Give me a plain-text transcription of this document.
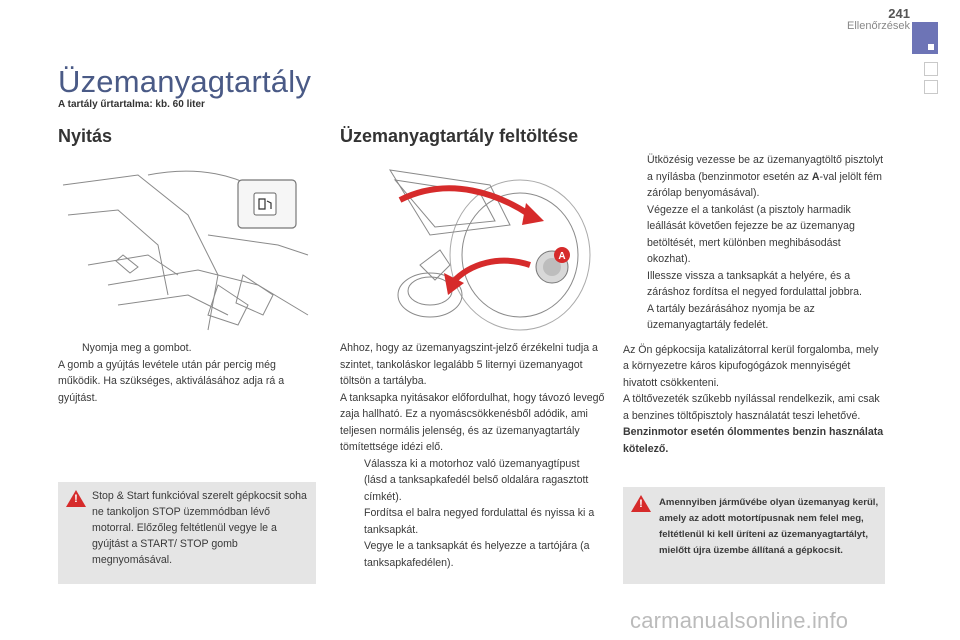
241
Ellenőrzések
Üzemanyagtartály
A tartály űrtartalma: kb. 60 liter
Nyitás
Nyomja meg a gombot.

A gomb a gyújtás levétele után pár percig még működik. Ha szükséges, aktiválásához adja rá a gyújtást.

! Stop & Start funkcióval szerelt gépkocsit soha ne tankoljon STOP üzemmódban lévő motorral. Előzőleg feltétlenül vegye le a gyújtást a START/ STOP gomb megnyomásával.
Üzemanyagtartály feltöltése
A

Ahhoz, hogy az üzemanyagszint-jelző érzékelni tudja a szintet, tankoláskor legalább 5 liternyi üzemanyagot töltsön a tartályba.

A tanksapka nyitásakor előfordulhat, hogy távozó levegő zaja hallható. Ez a nyomáscsökkenésből adódik, ami teljesen normális jelenség, és az üzemanyagtartály tömítettsége idézi elő.

Válassza ki a motorhoz való üzemanyagtípust (lásd a tanksapkafedél belső oldalára ragasztott címkét).
Fordítsa el balra negyed fordulattal és nyissa ki a tanksapkát.
Vegye le a tanksapkát és helyezze a tartójára (a tanksapkafedélen).
Ütközésig vezesse be az üzemanyagtöltő pisztolyt a nyílásba (benzinmotor esetén az A-val jelölt fém zárólap benyomásával).
Végezze el a tankolást (a pisztoly harmadik leállását követően fejezze be az üzemanyag betöltését, mert különben meghibásodást okozhat).
Illessze vissza a tanksapkát a helyére, és a záráshoz fordítsa el negyed fordulattal jobbra.
A tartály bezárásához nyomja be az üzemanyagtartály fedelét.

Az Ön gépkocsija katalizátorral kerül forgalomba, mely a környezetre káros kipufogógázok mennyiségét hivatott csökkenteni.

A töltővezeték szűkebb nyílással rendelkezik, ami csak a benzines töltőpisztoly használatát teszi lehetővé.

Benzinmotor esetén ólommentes benzin használata kötelező.

! Amennyiben járművébe olyan üzemanyag kerül, amely az adott motortípusnak nem felel meg, feltétlenül ki kell üríteni az üzemanyagtartályt, mielőtt újra üzembe állítaná a gépkocsit.
carmanualsonline.info
